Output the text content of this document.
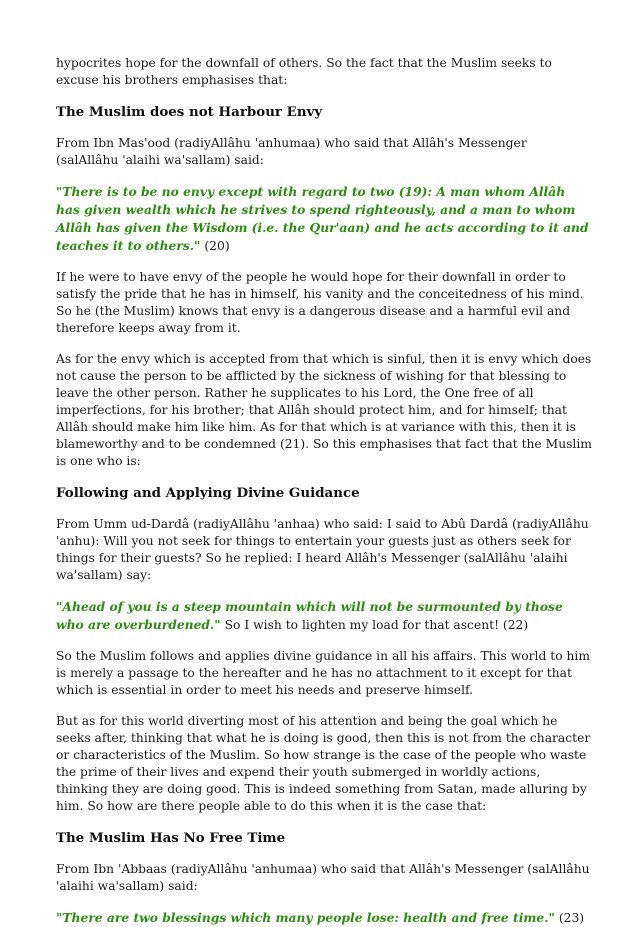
hypocrites hope for the downfall of others. So the fact that the Muslim seeks to excuse his brothers emphasises that:

The Muslim does not Harbour Envy

From Ibn Mas'ood (radiyAllâhu 'anhumaa) who said that Allâh's Messenger (salAllâhu 'alaihi wa'sallam) said:

"There is to be no envy except with regard to two (19): A man whom Allâh has given wealth which he strives to spend righteously, and a man to whom Allâh has given the Wisdom (i.e. the Qur'aan) and he acts according to it and teaches it to others." (20)

If he were to have envy of the people he would hope for their downfall in order to satisfy the pride that he has in himself, his vanity and the conceitedness of his mind. So he (the Muslim) knows that envy is a dangerous disease and a harmful evil and therefore keeps away from it.

As for the envy which is accepted from that which is sinful, then it is envy which does not cause the person to be afflicted by the sickness of wishing for that blessing to leave the other person. Rather he supplicates to his Lord, the One free of all imperfections, for his brother; that Allâh should protect him, and for himself; that Allâh should make him like him. As for that which is at variance with this, then it is blameworthy and to be condemned (21). So this emphasises that fact that the Muslim is one who is:

Following and Applying Divine Guidance

From Umm ud-Dardâ (radiyAllâhu 'anhaa) who said: I said to Abû Dardâ (radiyAllâhu 'anhu): Will you not seek for things to entertain your guests just as others seek for things for their guests? So he replied: I heard Allâh's Messenger (salAllâhu 'alaihi wa'sallam) say:

"Ahead of you is a steep mountain which will not be surmounted by those who are overburdened." So I wish to lighten my load for that ascent! (22)

So the Muslim follows and applies divine guidance in all his affairs. This world to him is merely a passage to the hereafter and he has no attachment to it except for that which is essential in order to meet his needs and preserve himself.

But as for this world diverting most of his attention and being the goal which he seeks after, thinking that what he is doing is good, then this is not from the character or characteristics of the Muslim. So how strange is the case of the people who waste the prime of their lives and expend their youth submerged in worldly actions, thinking they are doing good. This is indeed something from Satan, made alluring by him. So how are there people able to do this when it is the case that:

The Muslim Has No Free Time

From Ibn 'Abbaas (radiyAllâhu 'anhumaa) who said that Allâh's Messenger (salAllâhu 'alaihi wa'sallam) said:

"There are two blessings which many people lose: health and free time." (23)
